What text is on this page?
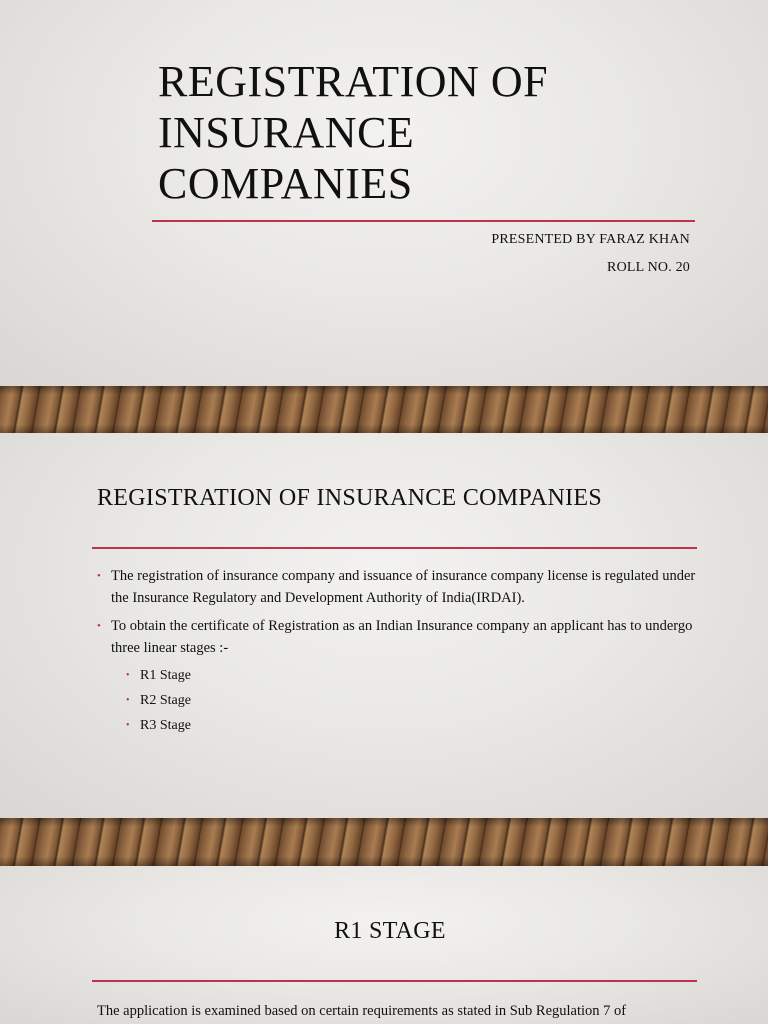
REGISTRATION OF
INSURANCE
COMPANIES

PRESENTED BY FARAZ KHAN

ROLL NO. 20

REGISTRATION OF INSURANCE COMPANIES
• The registration of insurance company and issuance of insurance company license is regulated under the Insurance Regulatory and Development Authority of India(IRDAI).
• To obtain the certificate of Registration as an Indian Insurance company an applicant has to undergo three linear stages :-
• R1 Stage
• R2 Stage
• R3 Stage
R1 STAGE

The application is examined based on certain requirements as stated in Sub Regulation 7 of
